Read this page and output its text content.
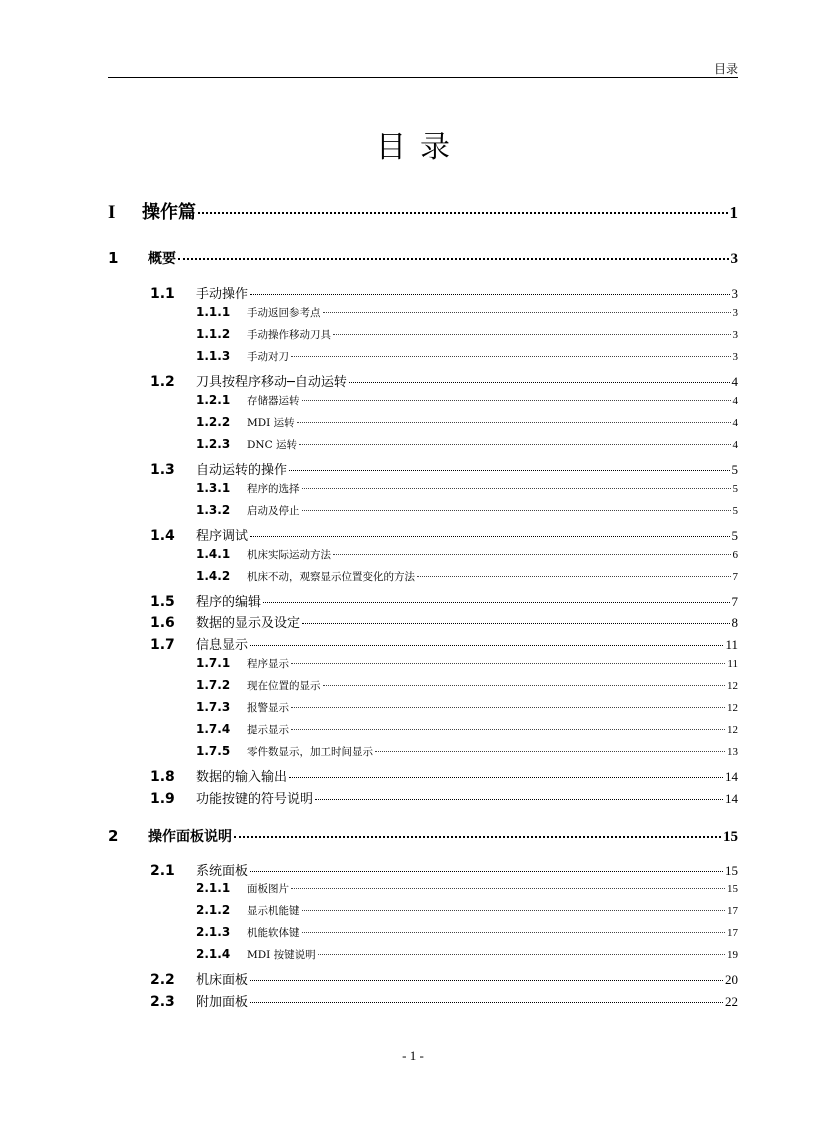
目录
目录
I	操作篇	1
1	概要	3
1.1	手动操作	3
1.1.1	手动返回参考点	3
1.1.2	手动操作移动刀具	3
1.1.3	手动对刀	3
1.2	刀具按程序移动─自动运转	4
1.2.1	存储器运转	4
1.2.2	MDI 运转	4
1.2.3	DNC 运转	4
1.3	自动运转的操作	5
1.3.1	程序的选择	5
1.3.2	启动及停止	5
1.4	程序调试	5
1.4.1	机床实际运动方法	6
1.4.2	机床不动，观察显示位置变化的方法	7
1.5	程序的编辑	7
1.6	数据的显示及设定	8
1.7	信息显示	11
1.7.1	程序显示	11
1.7.2	现在位置的显示	12
1.7.3	报警显示	12
1.7.4	提示显示	12
1.7.5	零件数显示，加工时间显示	13
1.8	数据的输入输出	14
1.9	功能按键的符号说明	14
2	操作面板说明	15
2.1	系统面板	15
2.1.1	面板图片	15
2.1.2	显示机能键	17
2.1.3	机能软体键	17
2.1.4	MDI 按键说明	19
2.2	机床面板	20
2.3	附加面板	22
- 1 -
